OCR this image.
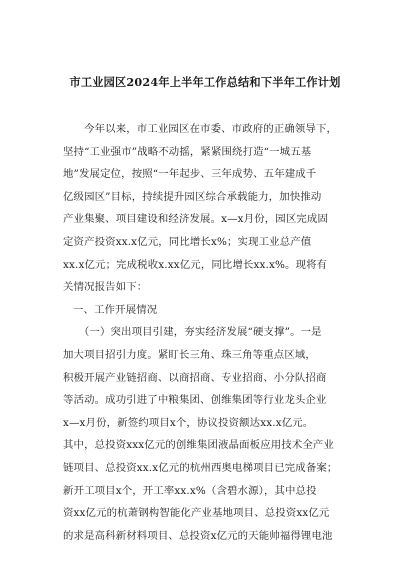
市工业园区2024年上半年工作总结和下半年工作计划
　　今年以来，市工业园区在市委、市政府的正确领导下，
坚持“工业强市”战略不动摇，紧紧围绕打造“一城五基
地”发展定位，按照“一年起步、三年成势、五年建成千
亿级园区”目标，持续提升园区综合承载能力，加快推动
产业集聚、项目建设和经济发展。x—x月份，园区完成固
定资产投资xx.x亿元，同比增长x%；实现工业总产值
xx.x亿元；完成税收x.xx亿元，同比增长xx.x%。现将有
关情况报告如下：
一、工作开展情况
　　（一）突出项目引建，夯实经济发展“硬支撑”。一是
加大项目招引力度。紧盯长三角、珠三角等重点区域，
积极开展产业链招商、以商招商、专业招商、小分队招商
等活动。成功引进了中粮集团、创维集团等行业龙头企业
x—x月份，新签约项目x个，协议投资额达xx.x亿元。
其中，总投资xxx亿元的创维集团液晶面板应用技术全产业
链项目、总投资xx.x亿元的杭州西奥电梯项目已完成备案；
新开工项目x个，开工率xx.x%（含碧水源），其中总投
资xx亿元的杭萧钢构智能化产业基地项目、总投资xx亿元
的求是高科新材料项目、总投资x亿元的天能帅福得锂电池
